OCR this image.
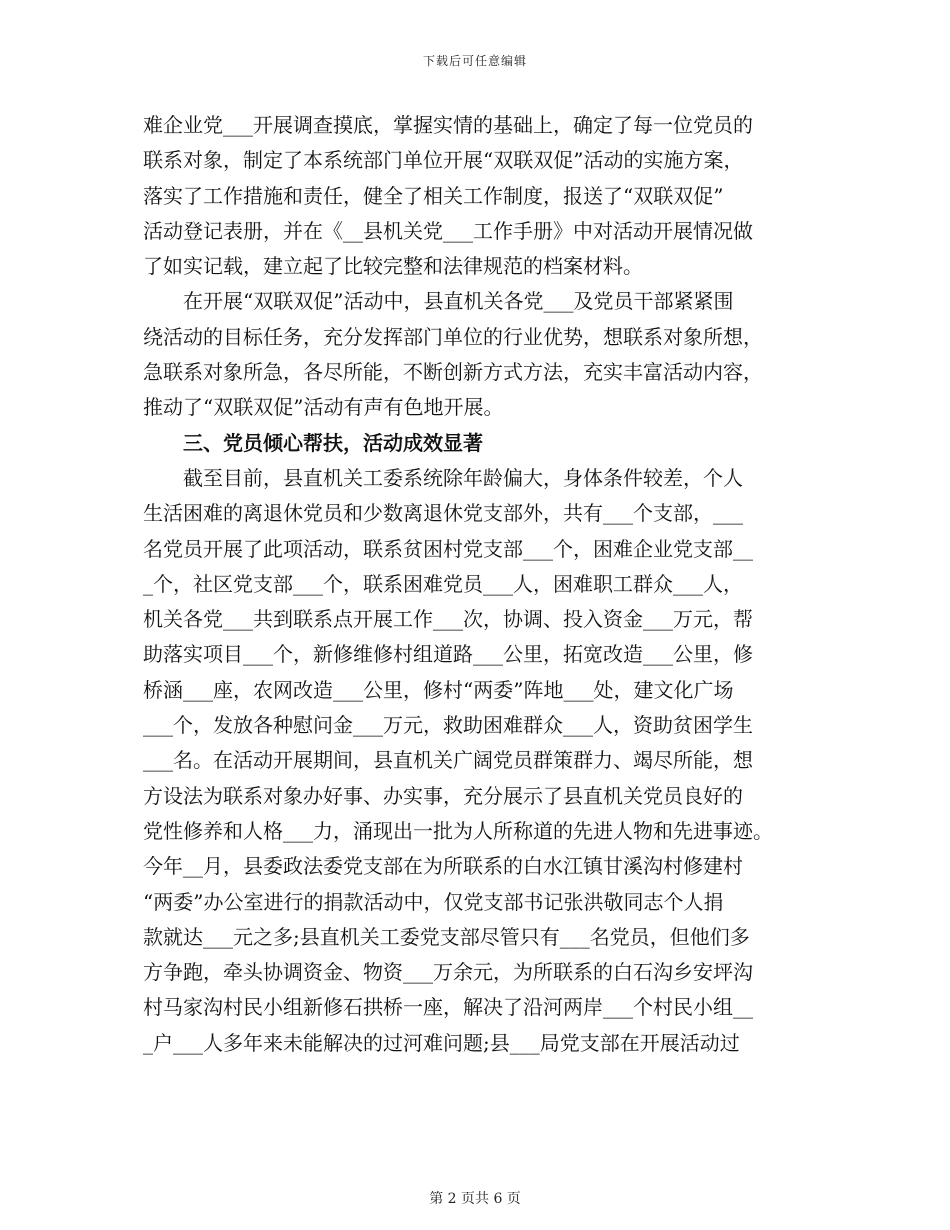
下载后可任意编辑
难企业党___开展调查摸底，掌握实情的基础上，确定了每一位党员的
联系对象，制定了本系统部门单位开展“双联双促”活动的实施方案，
落实了工作措施和责任，健全了相关工作制度，报送了“双联双促”
活动登记表册，并在《__县机关党___工作手册》中对活动开展情况做
了如实记载，建立起了比较完整和法律规范的档案材料。
在开展“双联双促”活动中，县直机关各党___及党员干部紧紧围
绕活动的目标任务，充分发挥部门单位的行业优势，想联系对象所想，
急联系对象所急，各尽所能，不断创新方式方法，充实丰富活动内容，
推动了“双联双促”活动有声有色地开展。
三、党员倾心帮扶，活动成效显著
截至目前，县直机关工委系统除年龄偏大，身体条件较差，个人
生活困难的离退休党员和少数离退休党支部外，共有___个支部，___
名党员开展了此项活动，联系贫困村党支部___个，困难企业党支部__
_个，社区党支部___个，联系困难党员___人，困难职工群众___人，
机关各党___共到联系点开展工作___次，协调、投入资金___万元，帮
助落实项目___个，新修维修村组道路___公里，拓宽改造___公里，修
桥涵___座，农网改造___公里，修村“两委”阵地___处，建文化广场
___个，发放各种慰问金___万元，救助困难群众___人，资助贫困学生
___名。在活动开展期间，县直机关广阔党员群策群力、竭尽所能，想
方设法为联系对象办好事、办实事，充分展示了县直机关党员良好的
党性修养和人格___力，涌现出一批为人所称道的先进人物和先进事迹。
今年__月，县委政法委党支部在为所联系的白水江镇甘溪沟村修建村
“两委”办公室进行的捐款活动中，仅党支部书记张洪敬同志个人捐
款就达___元之多;县直机关工委党支部尽管只有___名党员，但他们多
方争跑，牵头协调资金、物资___万余元，为所联系的白石沟乡安坪沟
村马家沟村民小组新修石拱桥一座，解决了沿河两岸___个村民小组__
_户___人多年来未能解决的过河难问题;县___局党支部在开展活动过
第 2 页共 6 页
